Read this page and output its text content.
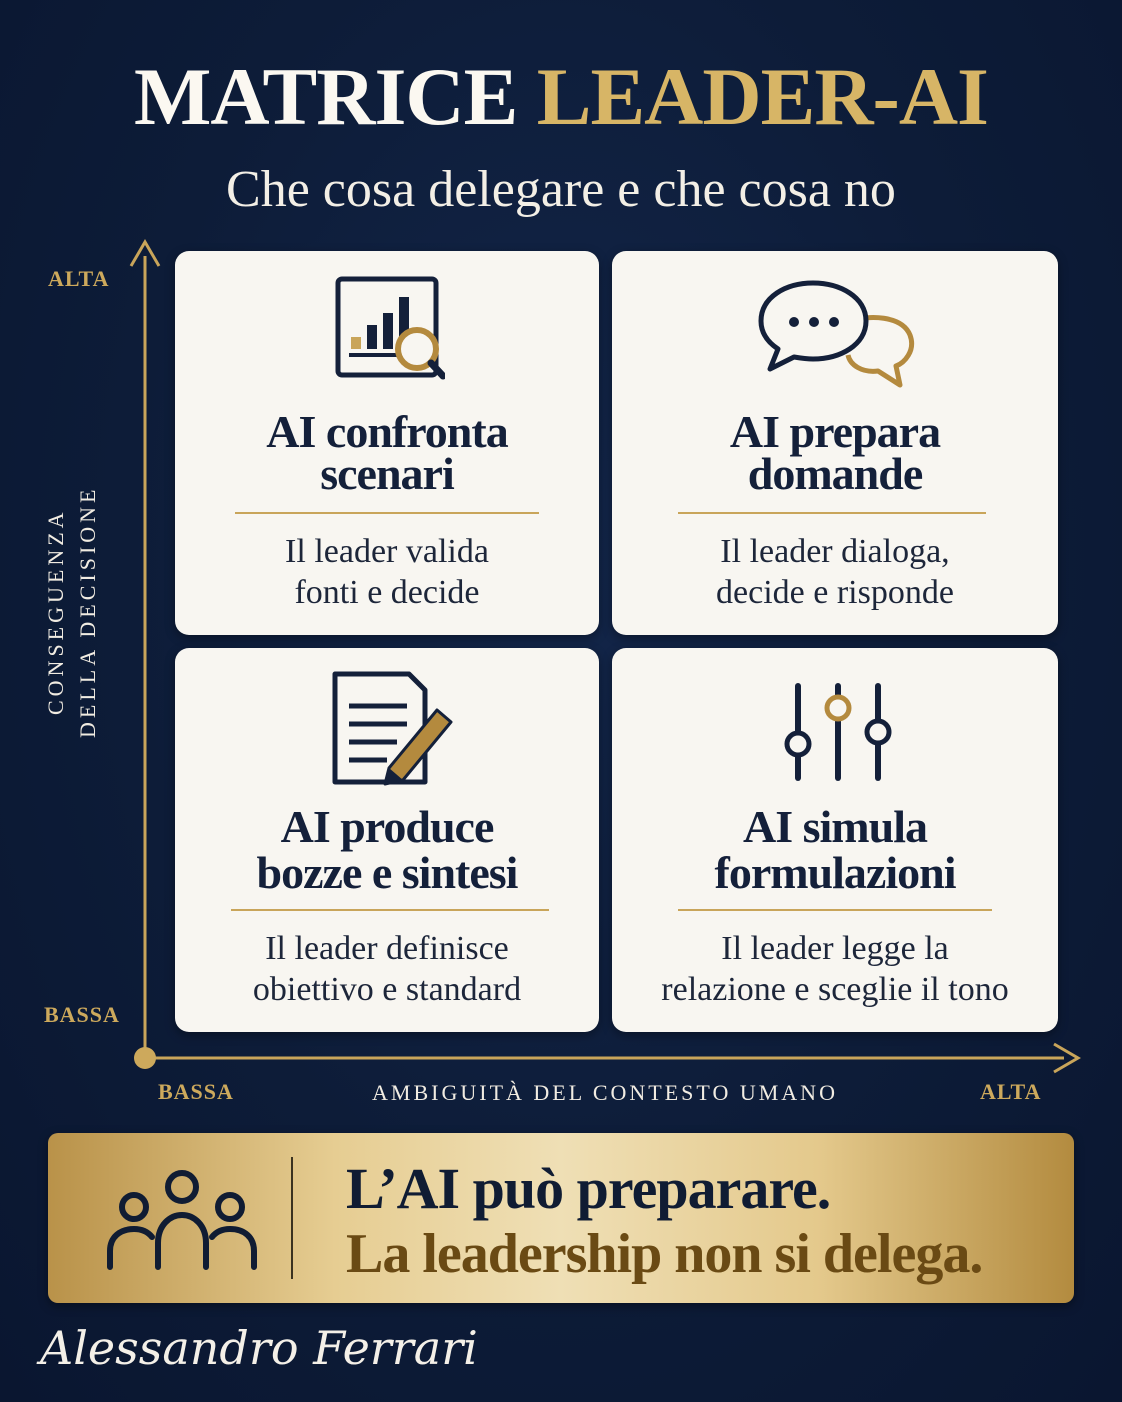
MATRICE LEADER-AI
Che cosa delegare e che cosa no
ALTA
BASSA
CONSEGUENZA DELLA DECISIONE
BASSA	ALTA
AMBIGUITÀ DEL CONTESTO UMANO
AI confronta
scenari

Il leader valida

fonti e decide

AI prepara
domande

Il leader dialoga,

decide e risponde

AI produce
bozze e sintesi

Il leader definisce

obiettivo e standard

AI simula
formulazioni

Il leader legge la

relazione e sceglie il tono

L’AI può preparare.
La leadership non si delega.
Alessandro Ferrari
